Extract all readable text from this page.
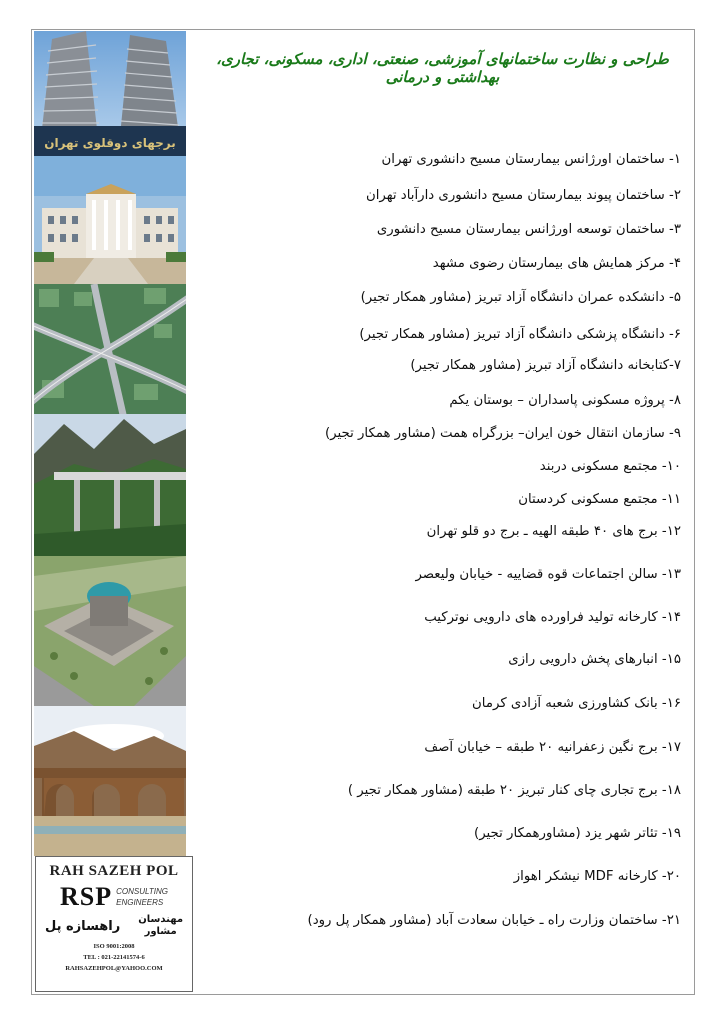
برجهای دوقلوی تهران
RAH SAZEH POL
RSP CONSULTING
ENGINEERS
مهندسان
مشاور
راهسازه پل
ISO 9001:2008
TEL : 021-22141574-6
RAHSAZEHPOL@YAHOO.COM
طراحی و نظارت ساختمانهای آموزشی، صنعتی، اداری، مسکونی، تجاری، بهداشتی و درمانی
۱- ساختمان اورژانس بیمارستان مسیح دانشوری تهران
۲- ساختمان پیوند بیمارستان مسیح دانشوری دارآباد تهران
۳- ساختمان توسعه اورژانس بیمارستان مسیح دانشوری
۴- مرکز همایش های بیمارستان رضوی مشهد
۵- دانشکده عمران دانشگاه آزاد تبریز (مشاور همکار تجیر)
۶- دانشگاه پزشکی دانشگاه آزاد تبریز (مشاور همکار تجیر)
۷-کتابخانه دانشگاه آزاد تبریز (مشاور همکار تجیر)
۸- پروژه مسکونی پاسداران – بوستان یکم
۹- سازمان انتقال خون ایران– بزرگراه همت (مشاور همکار تجیر)
۱۰- مجتمع مسکونی دربند
۱۱- مجتمع مسکونی کردستان
۱۲- برج های ۴۰ طبقه الهیه ـ برج دو قلو تهران
۱۳- سالن اجتماعات قوه قضاییه - خیابان ولیعصر
۱۴- کارخانه تولید فراورده های دارویی نوترکیب
۱۵- انبارهای پخش دارویی رازی
۱۶- بانک کشاورزی شعبه آزادی کرمان
۱۷- برج نگین زعفرانیه ۲۰ طبقه – خیابان آصف
۱۸- برج تجاری چای کنار تبریز ۲۰ طبقه (مشاور همکار تجیر )
۱۹- تئاتر شهر یزد (مشاورهمکار تجیر)
۲۰- کارخانه MDF نیشکر اهواز
۲۱- ساختمان وزارت راه ـ خیابان سعادت آباد (مشاور همکار پل رود)
